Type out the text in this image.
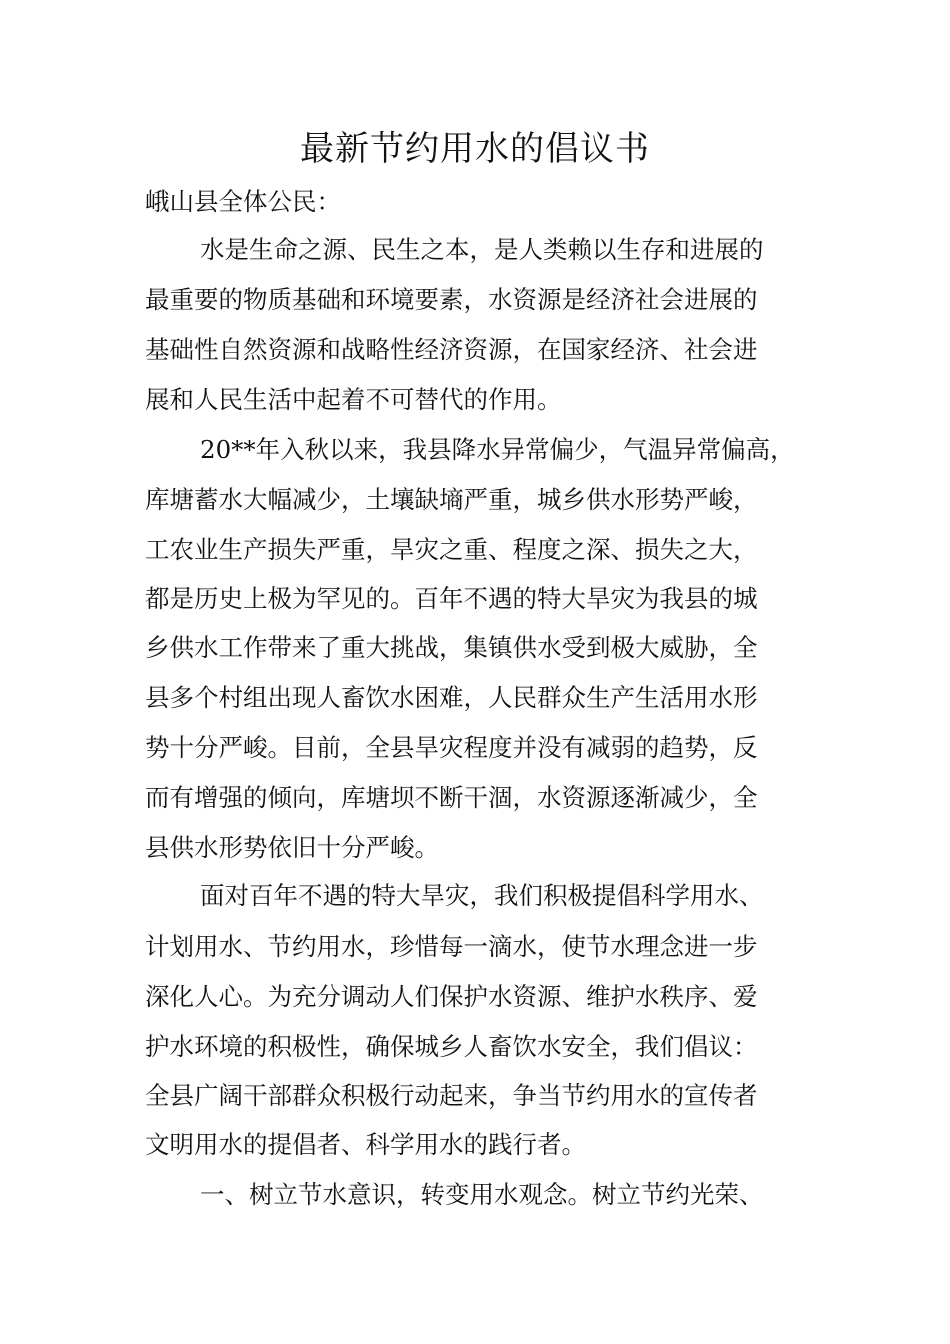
最新节约用水的倡议书
峨山县全体公民：
水是生命之源、民生之本，是人类赖以生存和进展的
最重要的物质基础和环境要素，水资源是经济社会进展的
基础性自然资源和战略性经济资源，在国家经济、社会进
展和人民生活中起着不可替代的作用。
20**年入秋以来，我县降水异常偏少，气温异常偏高，
库塘蓄水大幅减少，土壤缺墒严重，城乡供水形势严峻，
工农业生产损失严重，旱灾之重、程度之深、损失之大，
都是历史上极为罕见的。百年不遇的特大旱灾为我县的城
乡供水工作带来了重大挑战，集镇供水受到极大威胁，全
县多个村组出现人畜饮水困难，人民群众生产生活用水形
势十分严峻。目前，全县旱灾程度并没有减弱的趋势，反
而有增强的倾向，库塘坝不断干涸，水资源逐渐减少，全
县供水形势依旧十分严峻。
面对百年不遇的特大旱灾，我们积极提倡科学用水、
计划用水、节约用水，珍惜每一滴水，使节水理念进一步
深化人心。为充分调动人们保护水资源、维护水秩序、爱
护水环境的积极性，确保城乡人畜饮水安全，我们倡议：
全县广阔干部群众积极行动起来，争当节约用水的宣传者
文明用水的提倡者、科学用水的践行者。
一、树立节水意识，转变用水观念。树立节约光荣、
